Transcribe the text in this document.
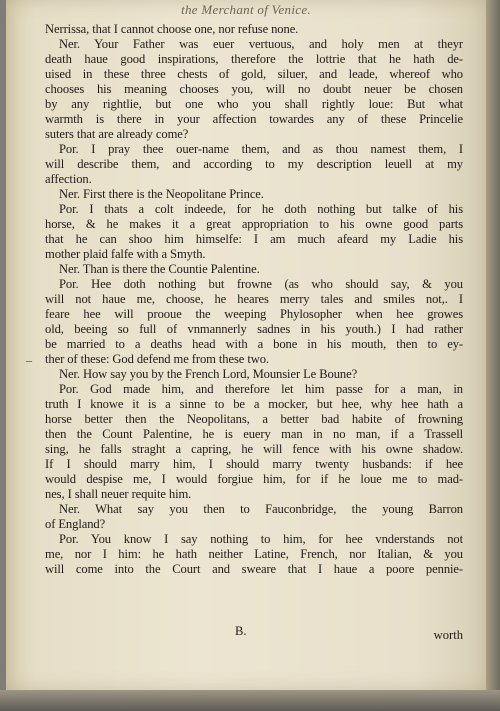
the Merchant of Venice.
_
Nerrissa, that I cannot choose one, nor refuse none.
Ner. Your Father was euer vertuous, and holy men at theyr
death haue good inspirations, therefore the lottrie that he hath de-
uised in these three chests of gold, siluer, and leade, whereof who
chooses his meaning chooses you, will no doubt neuer be chosen
by any rightlie, but one who you shall rightly loue: But what
warmth is there in your affection towardes any of these Princelie
suters that are already come?
Por. I pray thee ouer-name them, and as thou namest them, I
will describe them, and according to my description leuell at my
affection.
Ner. First there is the Neopolitane Prince.
Por. I thats a colt indeede, for he doth nothing but talke of his
horse, & he makes it a great appropriation to his owne good parts
that he can shoo him himselfe: I am much afeard my Ladie his
mother plaid falfe with a Smyth.
Ner. Than is there the Countie Palentine.
Por. Hee doth nothing but frowne (as who should say, & you
will not haue me, choose, he heares merry tales and smiles not,. I
feare hee will prooue the weeping Phylosopher when hee growes
old, beeing so full of vnmannerly sadnes in his youth.) I had rather
be married to a deaths head with a bone in his mouth, then to ey-
ther of these: God defend me from these two.
Ner. How say you by the French Lord, Mounsier Le Boune?
Por. God made him, and therefore let him passe for a man, in
truth I knowe it is a sinne to be a mocker, but hee, why hee hath a
horse better then the Neopolitans, a better bad habite of frowning
then the Count Palentine, he is euery man in no man, if a Trassell
sing, he falls straght a capring, he will fence with his owne shadow.
If I should marry him, I should marry twenty husbands: if hee
would despise me, I would forgiue him, for if he loue me to mad-
nes, I shall neuer requite him.
Ner. What say you then to Fauconbridge, the young Barron
of England?
Por. You know I say nothing to him, for hee vnderstands not
me, nor I him: he hath neither Latine, French, nor Italian, & you
will come into the Court and sweare that I haue a poore pennie-
B.	worth
